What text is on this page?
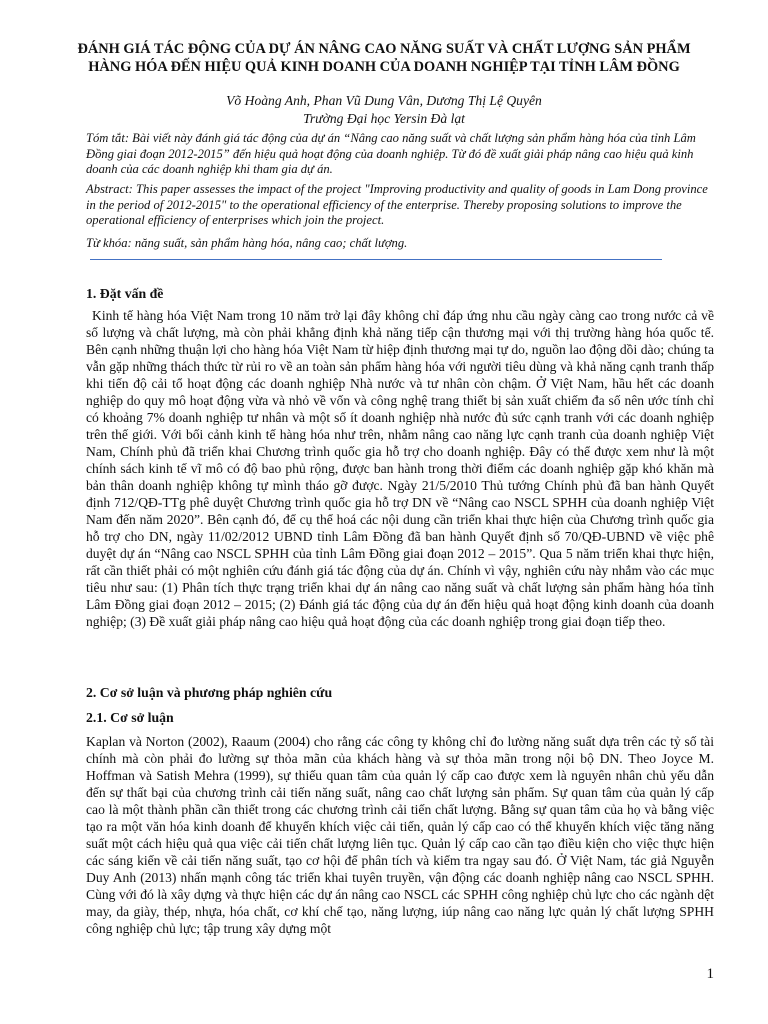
ĐÁNH GIÁ TÁC ĐỘNG CỦA DỰ ÁN NÂNG CAO NĂNG SUẤT VÀ CHẤT LƯỢNG SẢN PHẨM HÀNG HÓA ĐẾN HIỆU QUẢ KINH DOANH CỦA DOANH NGHIỆP TẠI TỈNH LÂM ĐỒNG
Võ Hoàng Anh, Phan Vũ Dung Vân, Dương Thị Lệ Quyên
Trường Đại học Yersin Đà lạt

Tóm tắt: Bài viết này đánh giá tác động của dự án “Nâng cao năng suất và chất lượng sản phẩm hàng hóa của tỉnh Lâm Đồng giai đoạn 2012-2015” đến hiệu quả hoạt động của doanh nghiệp. Từ đó đề xuất giải pháp nâng cao hiệu quả kinh doanh của các doanh nghiệp khi tham gia dự án.

Abstract: This paper assesses the impact of the project "Improving productivity and quality of goods in Lam Dong province in the period of 2012-2015" to the operational efficiency of the enterprise. Thereby proposing solutions to improve the operational efficiency of enterprises which join the project.

Từ khóa: năng suất, sản phẩm hàng hóa, nâng cao; chất lượng.

1. Đặt vấn đề

Kinh tế hàng hóa Việt Nam trong 10 năm trở lại đây không chỉ đáp ứng nhu cầu ngày càng cao trong nước cả về số lượng và chất lượng, mà còn phải khẳng định khả năng tiếp cận thương mại với thị trường hàng hóa quốc tế. Bên cạnh những thuận lợi cho hàng hóa Việt Nam từ hiệp định thương mại tự do, nguồn lao động dồi dào; chúng ta vẫn gặp những thách thức từ rủi ro về an toàn sản phẩm hàng hóa với người tiêu dùng và khả năng cạnh tranh thấp khi tiến độ cải tổ hoạt động các doanh nghiệp Nhà nước và tư nhân còn chậm. Ở Việt Nam, hầu hết các doanh nghiệp do quy mô hoạt động vừa và nhỏ về vốn và công nghệ trang thiết bị sản xuất chiếm đa số nên ước tính chỉ có khoảng 7% doanh nghiệp tư nhân và một số ít doanh nghiệp nhà nước đủ sức cạnh tranh với các doanh nghiệp trên thế giới. Với bối cảnh kinh tế hàng hóa như trên, nhằm nâng cao năng lực cạnh tranh của doanh nghiệp Việt Nam, Chính phủ đã triển khai Chương trình quốc gia hỗ trợ cho doanh nghiệp. Đây có thể được xem như là một chính sách kinh tế vĩ mô có độ bao phủ rộng, được ban hành trong thời điểm các doanh nghiệp gặp khó khăn mà bản thân doanh nghiệp không tự mình tháo gỡ được. Ngày 21/5/2010 Thủ tướng Chính phủ đã ban hành Quyết định 712/QĐ-TTg phê duyệt Chương trình quốc gia hỗ trợ DN về “Nâng cao NSCL SPHH của doanh nghiệp Việt Nam đến năm 2020”. Bên cạnh đó, để cụ thể hoá các nội dung cần triển khai thực hiện của Chương trình quốc gia hỗ trợ cho DN, ngày 11/02/2012 UBND tỉnh Lâm Đồng đã ban hành Quyết định số 70/QĐ-UBND về việc phê duyệt dự án “Nâng cao NSCL SPHH của tỉnh Lâm Đồng giai đoạn 2012 – 2015”. Qua 5 năm triển khai thực hiện, rất cần thiết phải có một nghiên cứu đánh giá tác động của dự án. Chính vì vậy, nghiên cứu này nhắm vào các mục tiêu như sau: (1) Phân tích thực trạng triển khai dự án nâng cao năng suất và chất lượng sản phẩm hàng hóa tỉnh Lâm Đồng giai đoạn 2012 – 2015; (2) Đánh giá tác động của dự án đến hiệu quả hoạt động kinh doanh của doanh nghiệp; (3) Đề xuất giải pháp nâng cao hiệu quả hoạt động của các doanh nghiệp trong giai đoạn tiếp theo.

2. Cơ sở luận và phương pháp nghiên cứu
2.1. Cơ sở luận

Kaplan và Norton (2002), Raaum (2004) cho rằng các công ty không chỉ đo lường năng suất dựa trên các tỷ số tài chính mà còn phải đo lường sự thỏa mãn của khách hàng và sự thỏa mãn trong nội bộ DN. Theo Joyce M. Hoffman và Satish Mehra (1999), sự thiếu quan tâm của quản lý cấp cao được xem là nguyên nhân chủ yếu dẫn đến sự thất bại của chương trình cải tiến năng suất, nâng cao chất lượng sản phẩm. Sự quan tâm của quản lý cấp cao là một thành phần cần thiết trong các chương trình cải tiến chất lượng. Bằng sự quan tâm của họ và bằng việc tạo ra một văn hóa kinh doanh để khuyến khích việc cải tiến, quản lý cấp cao có thể khuyến khích việc tăng năng suất một cách hiệu quả qua việc cải tiến chất lượng liên tục. Quản lý cấp cao cần tạo điều kiện cho việc thực hiện các sáng kiến về cải tiến năng suất, tạo cơ hội để phân tích và kiểm tra ngay sau đó. Ở Việt Nam, tác giả Nguyễn Duy Anh (2013) nhấn mạnh công tác triển khai tuyên truyền, vận động các doanh nghiệp nâng cao NSCL SPHH. Cùng với đó là xây dựng và thực hiện các dự án nâng cao NSCL các SPHH công nghiệp chủ lực cho các ngành dệt may, da giày, thép, nhựa, hóa chất, cơ khí chế tạo, năng lượng, iúp nâng cao năng lực quản lý chất lượng SPHH công nghiệp chủ lực; tập trung xây dựng một

1
